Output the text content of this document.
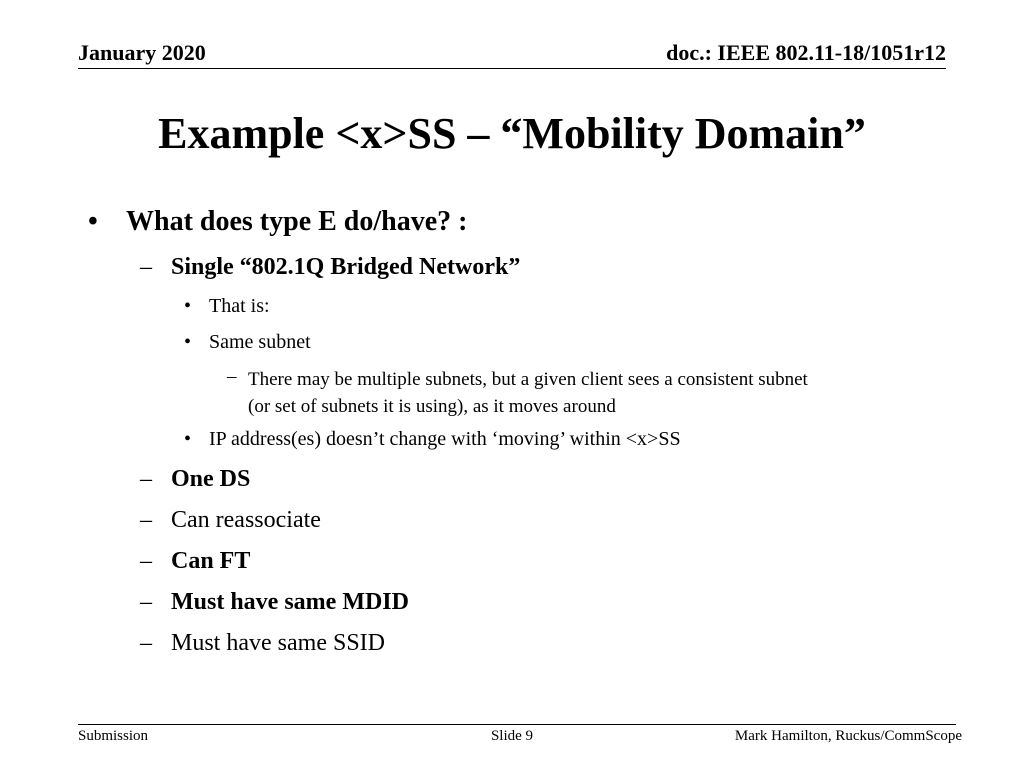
January 2020	doc.: IEEE 802.11-18/1051r12
Example <x>SS – “Mobility Domain”
• What does type E do/have? :
– Single “802.1Q Bridged Network”
• That is:
• Same subnet
– There may be multiple subnets, but a given client sees a consistent subnet
(or set of subnets it is using), as it moves around
• IP address(es) doesn’t change with ‘moving’ within <x>SS
– One DS
– Can reassociate
– Can FT
– Must have same MDID
– Must have same SSID
Submission	Slide 9	Mark Hamilton, Ruckus/CommScope
